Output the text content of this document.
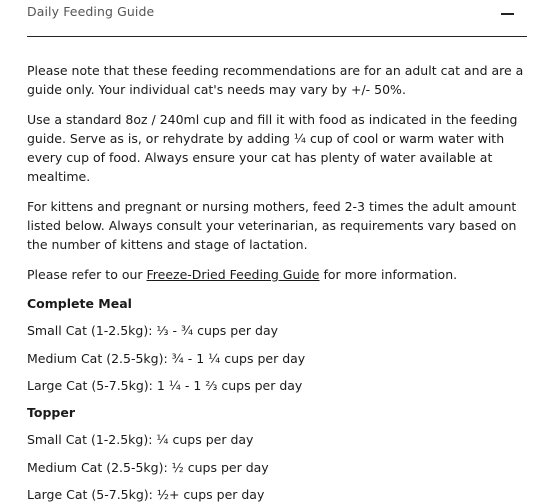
Daily Feeding Guide

Please note that these feeding recommendations are for an adult cat and are a guide only. Your individual cat's needs may vary by +/- 50%.

Use a standard 8oz / 240ml cup and fill it with food as indicated in the feeding guide. Serve as is, or rehydrate by adding ¼ cup of cool or warm water with every cup of food. Always ensure your cat has plenty of water available at mealtime.

For kittens and pregnant or nursing mothers, feed 2-3 times the adult amount listed below. Always consult your veterinarian, as requirements vary based on the number of kittens and stage of lactation.

Please refer to our Freeze-Dried Feeding Guide for more information.

Complete Meal
Small Cat (1-2.5kg): ⅓ - ¾ cups per day
Medium Cat (2.5-5kg): ¾ - 1 ¼ cups per day
Large Cat (5-7.5kg): 1 ¼ - 1 ⅔ cups per day
Topper
Small Cat (1-2.5kg): ¼ cups per day
Medium Cat (2.5-5kg): ½ cups per day
Large Cat (5-7.5kg): ½+ cups per day
